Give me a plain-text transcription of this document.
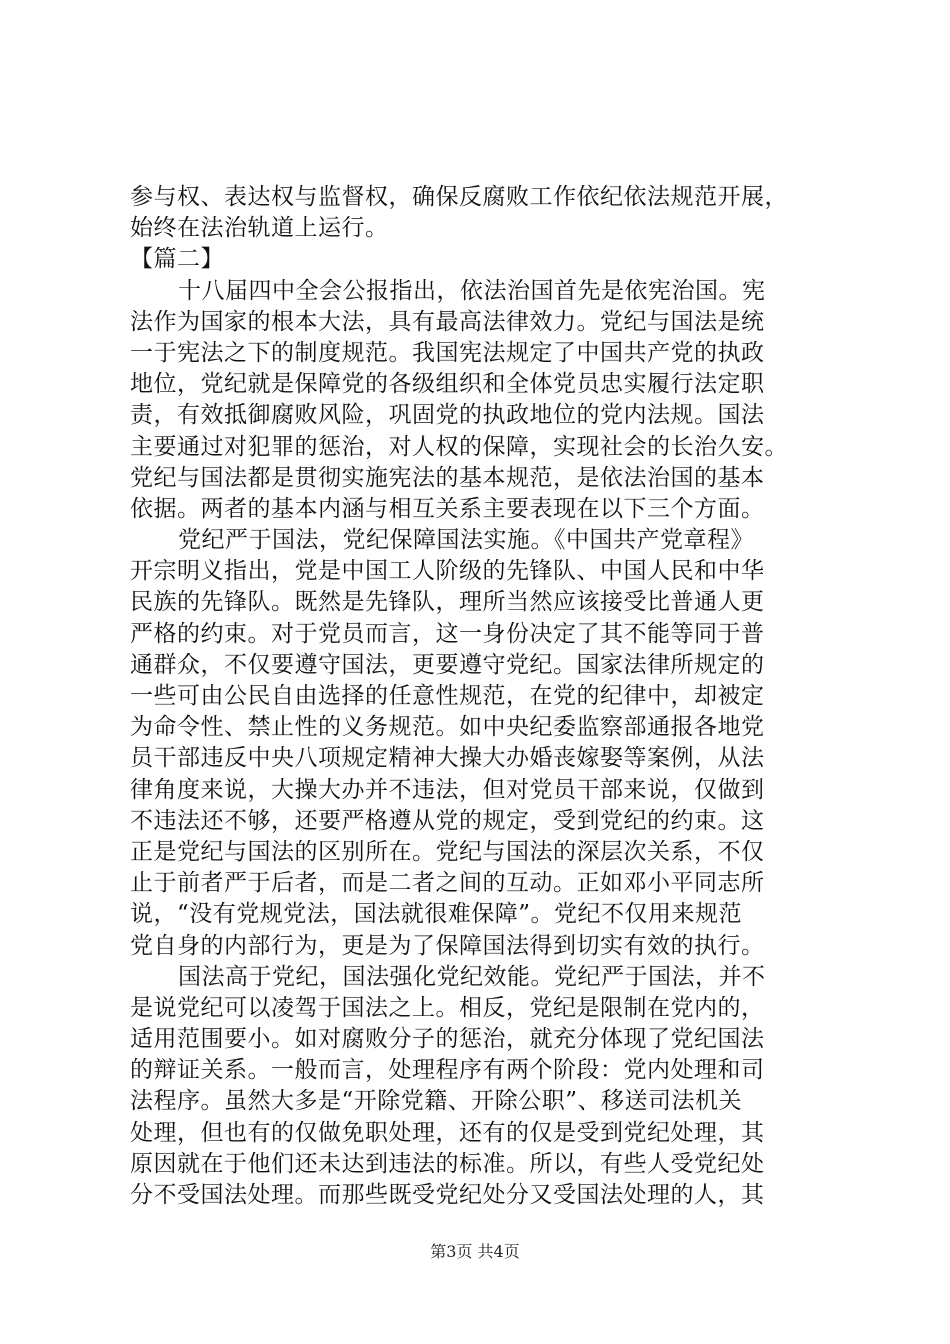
参与权、表达权与监督权，确保反腐败工作依纪依法规范开展，
始终在法治轨道上运行。
【篇二】
十八届四中全会公报指出，依法治国首先是依宪治国。宪
法作为国家的根本大法，具有最高法律效力。党纪与国法是统
一于宪法之下的制度规范。我国宪法规定了中国共产党的执政
地位，党纪就是保障党的各级组织和全体党员忠实履行法定职
责，有效抵御腐败风险，巩固党的执政地位的党内法规。国法
主要通过对犯罪的惩治，对人权的保障，实现社会的长治久安。
党纪与国法都是贯彻实施宪法的基本规范，是依法治国的基本
依据。两者的基本内涵与相互关系主要表现在以下三个方面。
党纪严于国法，党纪保障国法实施。《中国共产党章程》
开宗明义指出，党是中国工人阶级的先锋队、中国人民和中华
民族的先锋队。既然是先锋队，理所当然应该接受比普通人更
严格的约束。对于党员而言，这一身份决定了其不能等同于普
通群众，不仅要遵守国法，更要遵守党纪。国家法律所规定的
一些可由公民自由选择的任意性规范，在党的纪律中，却被定
为命令性、禁止性的义务规范。如中央纪委监察部通报各地党
员干部违反中央八项规定精神大操大办婚丧嫁娶等案例，从法
律角度来说，大操大办并不违法，但对党员干部来说，仅做到
不违法还不够，还要严格遵从党的规定，受到党纪的约束。这
正是党纪与国法的区别所在。党纪与国法的深层次关系，不仅
止于前者严于后者，而是二者之间的互动。正如邓小平同志所
说，“没有党规党法，国法就很难保障”。党纪不仅用来规范
党自身的内部行为，更是为了保障国法得到切实有效的执行。
国法高于党纪，国法强化党纪效能。党纪严于国法，并不
是说党纪可以凌驾于国法之上。相反，党纪是限制在党内的，
适用范围要小。如对腐败分子的惩治，就充分体现了党纪国法
的辩证关系。一般而言，处理程序有两个阶段：党内处理和司
法程序。虽然大多是“开除党籍、开除公职”、移送司法机关
处理，但也有的仅做免职处理，还有的仅是受到党纪处理，其
原因就在于他们还未达到违法的标准。所以，有些人受党纪处
分不受国法处理。而那些既受党纪处分又受国法处理的人，其
第3页 共4页
